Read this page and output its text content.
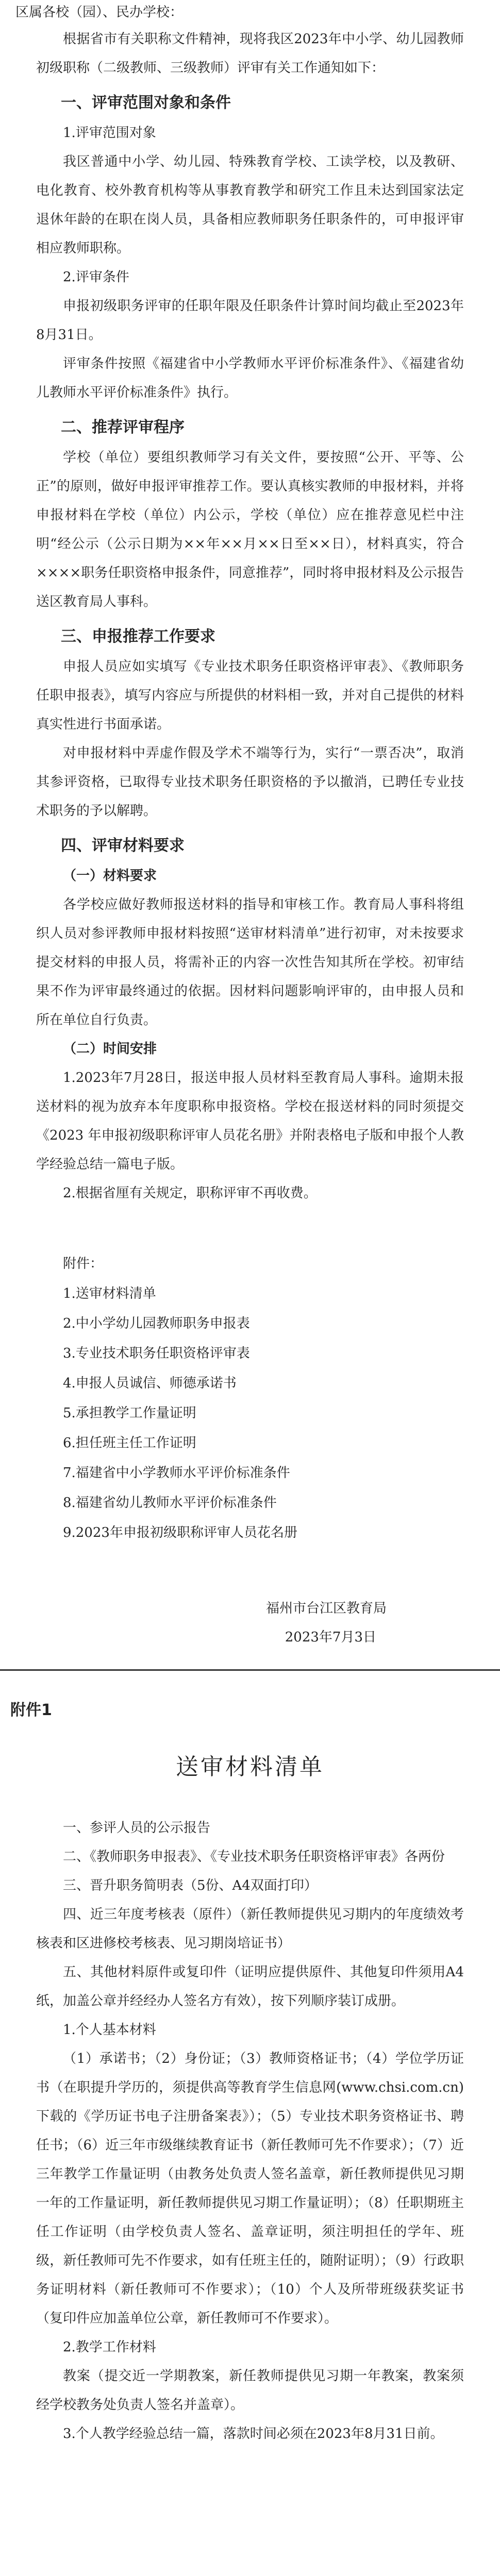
区属各校（园）、民办学校：

根据省市有关职称文件精神，现将我区2023年中小学、幼儿园教师初级职称（二级教师、三级教师）评审有关工作通知如下：

一、评审范围对象和条件

1.评审范围对象

我区普通中小学、幼儿园、特殊教育学校、工读学校，以及教研、电化教育、校外教育机构等从事教育教学和研究工作且未达到国家法定退休年龄的在职在岗人员，具备相应教师职务任职条件的，可申报评审相应教师职称。

2.评审条件

申报初级职务评审的任职年限及任职条件计算时间均截止至2023年8月31日。

评审条件按照《福建省中小学教师水平评价标准条件》、《福建省幼儿教师水平评价标准条件》执行。

二、推荐评审程序

学校（单位）要组织教师学习有关文件，要按照“公开、平等、公正”的原则，做好申报评审推荐工作。要认真核实教师的申报材料，并将申报材料在学校（单位）内公示，学校（单位）应在推荐意见栏中注明“经公示（公示日期为××年××月××日至××日），材料真实，符合××××职务任职资格申报条件，同意推荐”，同时将申报材料及公示报告送区教育局人事科。

三、申报推荐工作要求

申报人员应如实填写《专业技术职务任职资格评审表》、《教师职务任职申报表》，填写内容应与所提供的材料相一致，并对自己提供的材料真实性进行书面承诺。

对申报材料中弄虚作假及学术不端等行为，实行“一票否决”，取消其参评资格，已取得专业技术职务任职资格的予以撤消，已聘任专业技术职务的予以解聘。

四、评审材料要求

（一）材料要求

各学校应做好教师报送材料的指导和审核工作。教育局人事科将组织人员对参评教师申报材料按照“送审材料清单”进行初审，对未按要求提交材料的申报人员，将需补正的内容一次性告知其所在学校。初审结果不作为评审最终通过的依据。因材料问题影响评审的，由申报人员和所在单位自行负责。

（二）时间安排

1.2023年7月28日，报送申报人员材料至教育局人事科。逾期未报送材料的视为放弃本年度职称申报资格。学校在报送材料的同时须提交《2023 年申报初级职称评审人员花名册》并附表格电子版和申报个人教学经验总结一篇电子版。

2.根据省厘有关规定，职称评审不再收费。

附件：

1.送审材料清单

2.中小学幼儿园教师职务申报表

3.专业技术职务任职资格评审表

4.申报人员诚信、师德承诺书

5.承担教学工作量证明

6.担任班主任工作证明

7.福建省中小学教师水平评价标准条件

8.福建省幼儿教师水平评价标准条件

9.2023年申报初级职称评审人员花名册

福州市台江区教育局

2023年7月3日

附件1

送审材料清单

一、参评人员的公示报告

二、《教师职务申报表》、《专业技术职务任职资格评审表》各两份

三、晋升职务简明表（5份、A4双面打印）

四、近三年度考核表（原件）（新任教师提供见习期内的年度绩效考核表和区进修校考核表、见习期岗培证书）

五、其他材料原件或复印件（证明应提供原件、其他复印件须用A4纸，加盖公章并经经办人签名方有效），按下列顺序装订成册。

1.个人基本材料

（1）承诺书；（2）身份证；（3）教师资格证书；（4）学位学历证书（在职提升学历的，须提供高等教育学生信息网(www.chsi.com.cn)下载的《学历证书电子注册备案表》）；（5）专业技术职务资格证书、聘任书；（6）近三年市级继续教育证书（新任教师可先不作要求）；（7）近三年教学工作量证明（由教务处负责人签名盖章，新任教师提供见习期一年的工作量证明，新任教师提供见习期工作量证明）；（8）任职期班主任工作证明（由学校负责人签名、盖章证明，须注明担任的学年、班级，新任教师可先不作要求，如有任班主任的，随附证明）；（9）行政职务证明材料（新任教师可不作要求）；（10）个人及所带班级获奖证书（复印件应加盖单位公章，新任教师可不作要求）。

2.教学工作材料

教案（提交近一学期教案，新任教师提供见习期一年教案，教案须经学校教务处负责人签名并盖章）。

3.个人教学经验总结一篇，落款时间必须在2023年8月31日前。
